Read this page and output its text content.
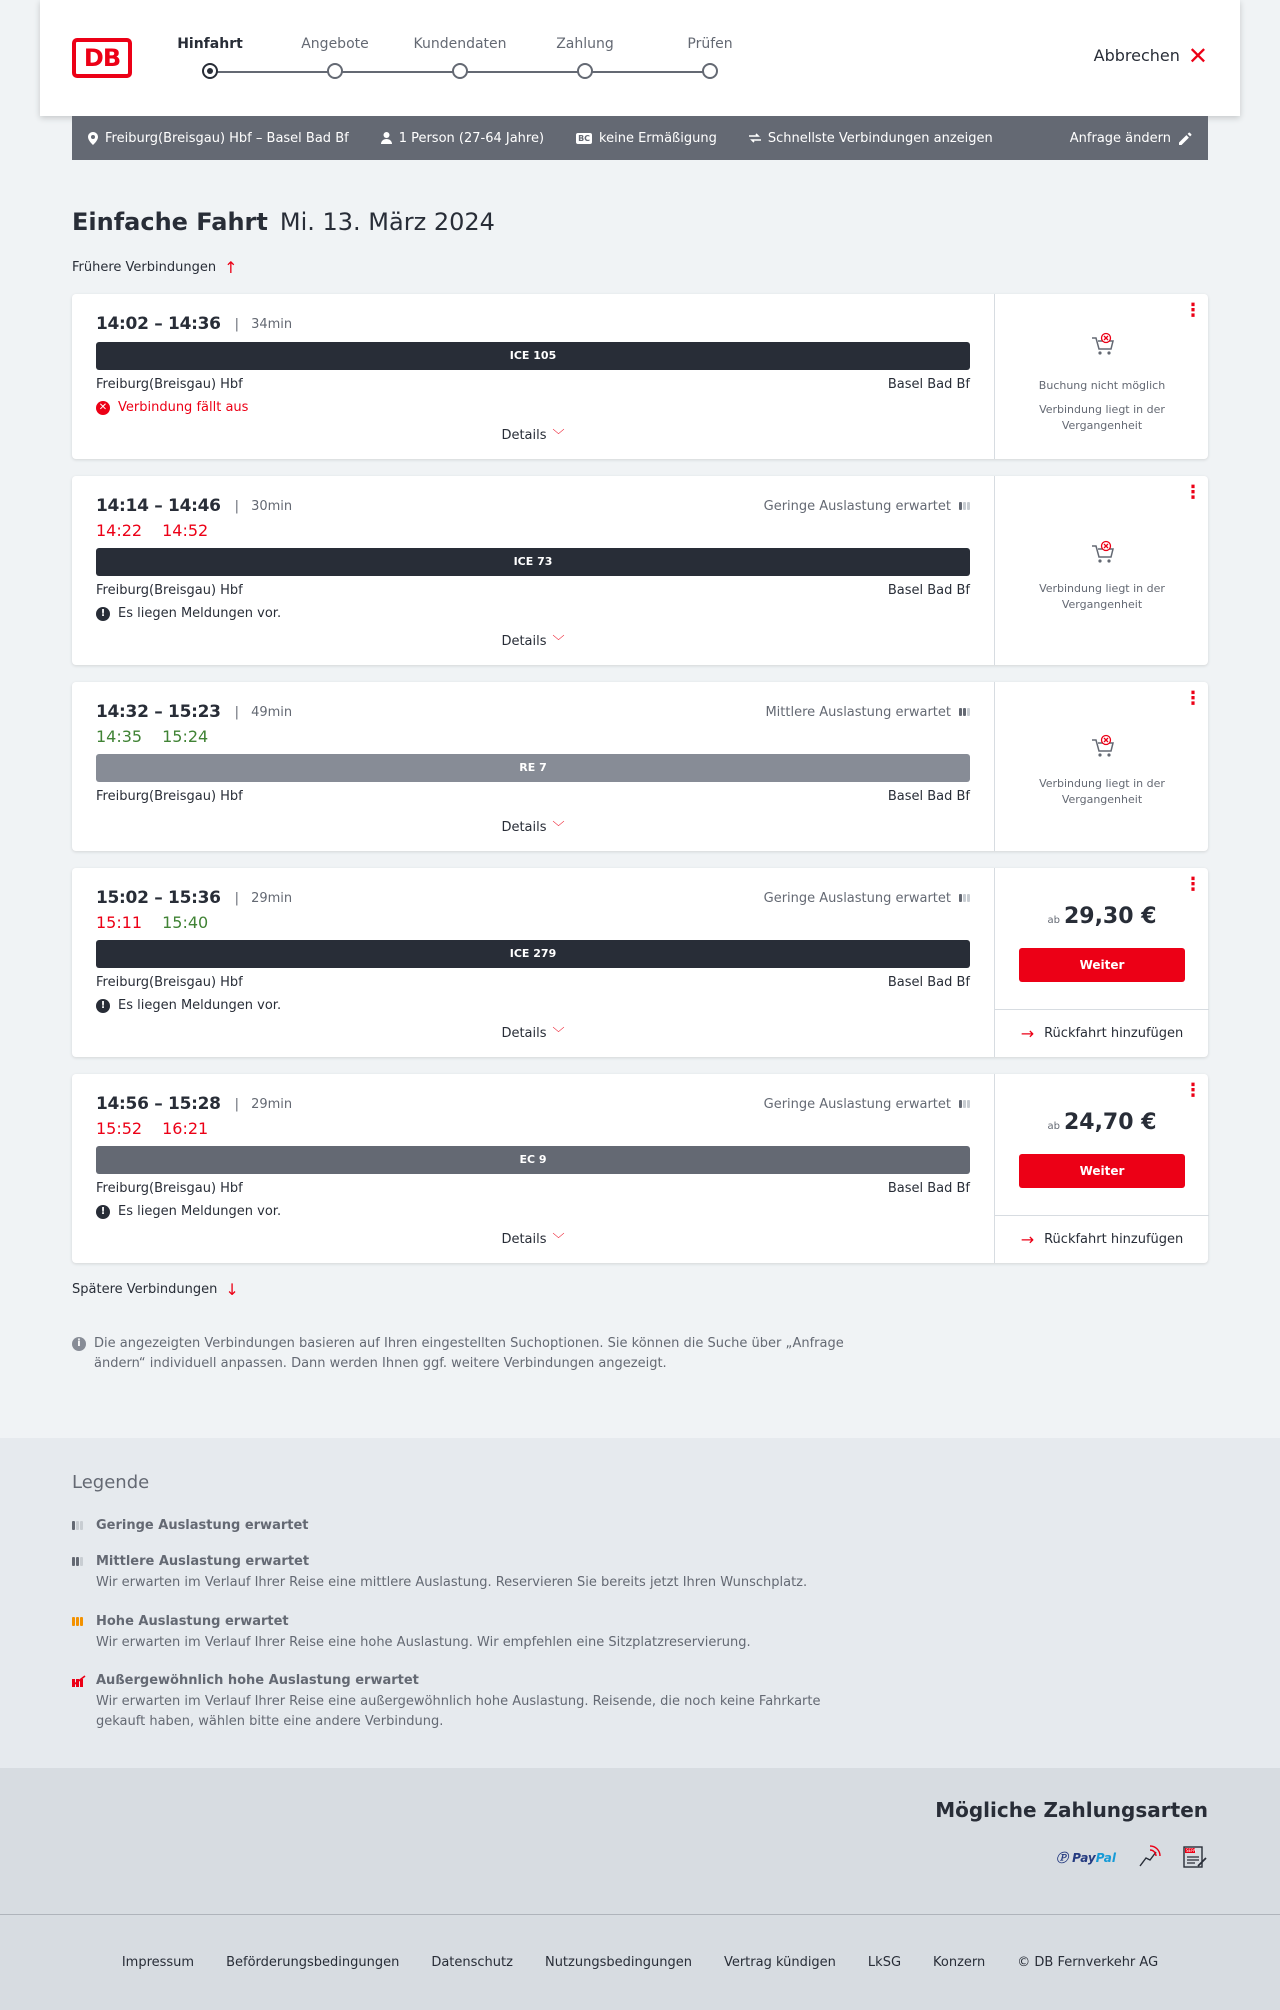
DB	Hinfahrt	Angebote	Kundendaten	Zahlung	Prüfen
Abbrechen ✕
Freiburg(Breisgau) Hbf – Basel Bad Bf	1 Person (27-64 Jahre)	BC keine Ermäßigung	Schnellste Verbindungen anzeigen	Anfrage ändern
Einfache Fahrt Mi. 13. März 2024
Frühere Verbindungen ↑
14:02 – 14:36 | 34min
ICE 105
Freiburg(Breisgau) Hbf	Basel Bad Bf
✕ Verbindung fällt aus
Details ﹀
⋮
Buchung nicht möglich
Verbindung liegt in der Vergangenheit
14:14 – 14:46 | 30min	Geringe Auslastung erwartet
14:22 14:52
ICE 73
Freiburg(Breisgau) Hbf	Basel Bad Bf
! Es liegen Meldungen vor.
Details ﹀
⋮
Verbindung liegt in der Vergangenheit
14:32 – 15:23 | 49min	Mittlere Auslastung erwartet
14:35 15:24
RE 7
Freiburg(Breisgau) Hbf	Basel Bad Bf
Details ﹀
⋮
Verbindung liegt in der Vergangenheit
15:02 – 15:36 | 29min	Geringe Auslastung erwartet
15:11 15:40
ICE 279
Freiburg(Breisgau) Hbf	Basel Bad Bf
! Es liegen Meldungen vor.
Details ﹀
⋮
ab 29,30 €
Weiter
→ Rückfahrt hinzufügen
14:56 – 15:28 | 29min	Geringe Auslastung erwartet
15:52 16:21
EC 9
Freiburg(Breisgau) Hbf	Basel Bad Bf
! Es liegen Meldungen vor.
Details ﹀
⋮
ab 24,70 €
Weiter
→ Rückfahrt hinzufügen
Spätere Verbindungen ↓
i	Die angezeigten Verbindungen basieren auf Ihren eingestellten Suchoptionen. Sie können die Suche über „Anfrage ändern“ individuell anpassen. Dann werden Ihnen ggf. weitere Verbindungen angezeigt.
Legende
Geringe Auslastung erwartet
Mittlere Auslastung erwartet
Wir erwarten im Verlauf Ihrer Reise eine mittlere Auslastung. Reservieren Sie bereits jetzt Ihren Wunschplatz.
Hohe Auslastung erwartet
Wir erwarten im Verlauf Ihrer Reise eine hohe Auslastung. Wir empfehlen eine Sitzplatzreservierung.
Außergewöhnlich hohe Auslastung erwartet
Wir erwarten im Verlauf Ihrer Reise eine außergewöhnlich hohe Auslastung. Reisende, die noch keine Fahrkarte gekauft haben, wählen bitte eine andere Verbindung.
Mögliche Zahlungsarten
Ⓟ PayPal	SEPA
Impressum Beförderungsbedingungen Datenschutz Nutzungsbedingungen Vertrag kündigen LkSG Konzern © DB Fernverkehr AG
